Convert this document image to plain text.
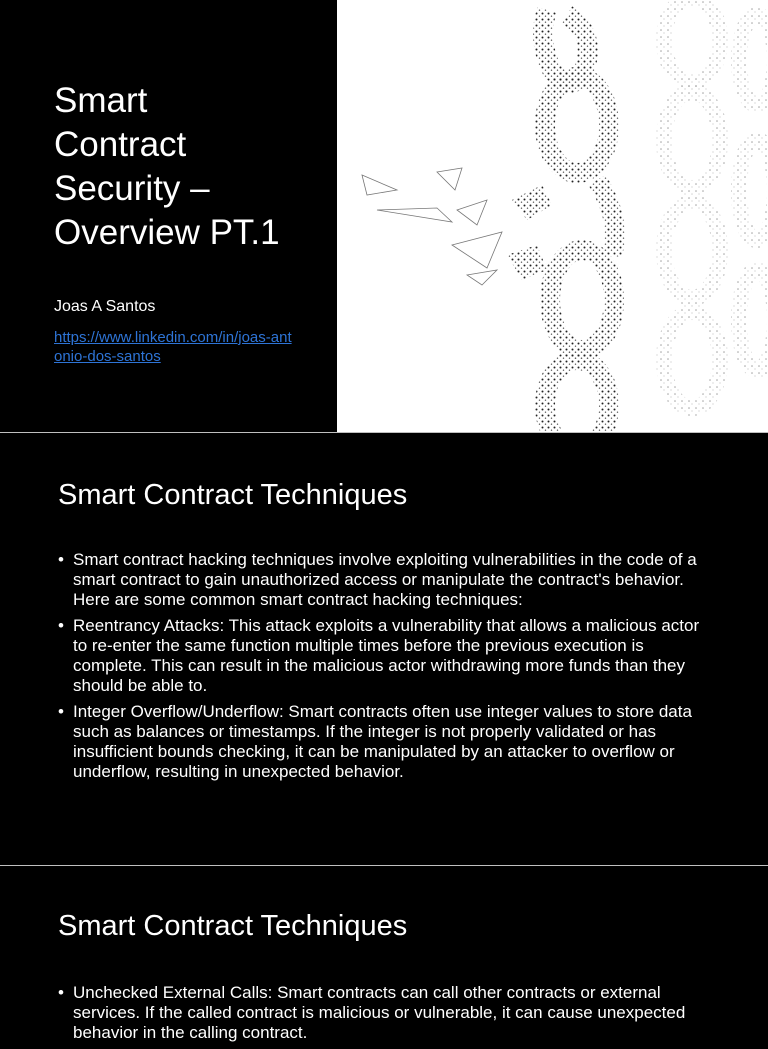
Smart
Contract
Security –
Overview PT.1
Joas A Santos
https://www.linkedin.com/in/joas-antonio-dos-santos
Smart Contract Techniques
• Smart contract hacking techniques involve exploiting vulnerabilities in the code of a smart contract to gain unauthorized access or manipulate the contract's behavior. Here are some common smart contract hacking techniques:
• Reentrancy Attacks: This attack exploits a vulnerability that allows a malicious actor to re-enter the same function multiple times before the previous execution is complete. This can result in the malicious actor withdrawing more funds than they should be able to.
• Integer Overflow/Underflow: Smart contracts often use integer values to store data such as balances or timestamps. If the integer is not properly validated or has insufficient bounds checking, it can be manipulated by an attacker to overflow or underflow, resulting in unexpected behavior.
Smart Contract Techniques
• Unchecked External Calls: Smart contracts can call other contracts or external services. If the called contract is malicious or vulnerable, it can cause unexpected behavior in the calling contract.
